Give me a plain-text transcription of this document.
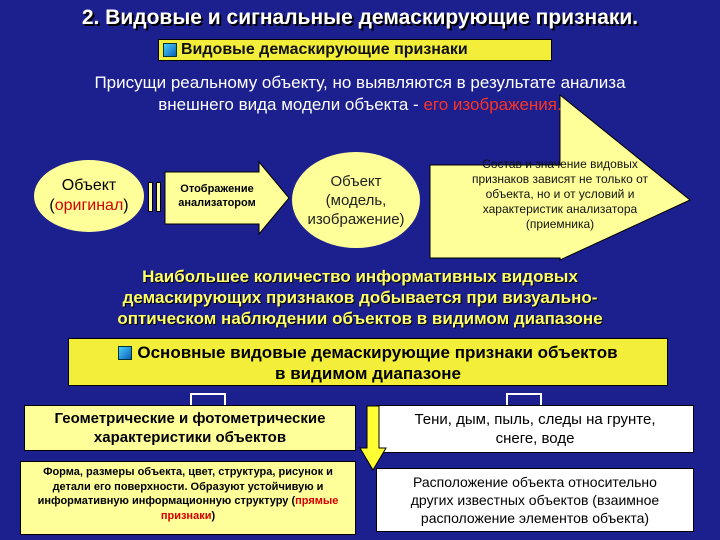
2. Видовые и сигнальные демаскирующие признаки.
Видовые демаскирующие признаки
Присущи реальному объекту, но выявляются в результате анализа
внешнего вида модели объекта - его изображения.
Объект
(оригинал)
Отображение
анализатором
Объект
(модель,
изображение)
Состав и значение видовых признаков зависят не только от объекта, но и от условий и характеристик анализатора (приемника)
Наибольшее количество информативных видовых
демаскирующих признаков добывается при визуально-
оптическом наблюдении объектов в видимом диапазоне
Основные видовые демаскирующие признаки объектов
в видимом диапазоне
Геометрические и фотометрические
характеристики объектов
Тени, дым, пыль, следы на грунте,
снеге, воде
Форма, размеры объекта, цвет, структура, рисунок и детали его поверхности. Образуют устойчивую и информативную информационную структуру (прямые признаки)
Расположение объекта относительно
других известных объектов (взаимное
расположение элементов объекта)
